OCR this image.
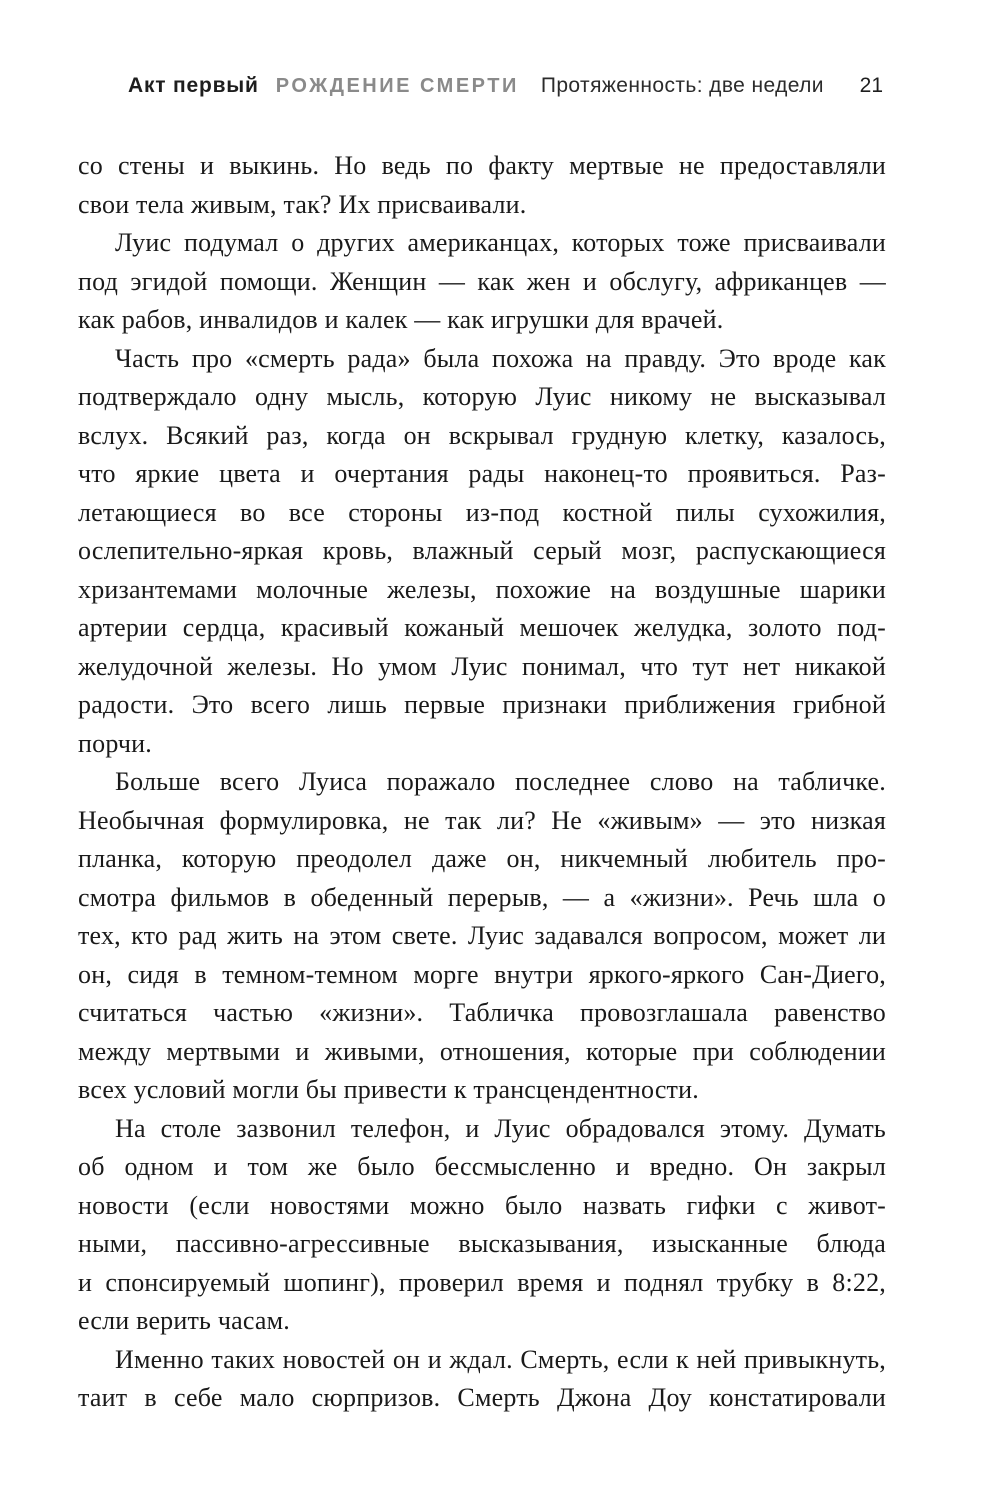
Акт первый РОЖДЕНИЕ СМЕРТИ Протяженность: две недели 21
со стены и выкинь. Но ведь по факту мертвые не предоставляли
свои тела живым, так? Их присваивали.
Луис подумал о других американцах, которых тоже присваивали
под эгидой помощи. Женщин — как жен и обслугу, африканцев —
как рабов, инвалидов и калек — как игрушки для врачей.
Часть про «смерть рада» была похожа на правду. Это вроде как
подтверждало одну мысль, которую Луис никому не высказывал
вслух. Всякий раз, когда он вскрывал грудную клетку, казалось,
что яркие цвета и очертания рады наконец-то проявиться. Раз-
летающиеся во все стороны из-под костной пилы сухожилия,
ослепительно-яркая кровь, влажный серый мозг, распускающиеся
хризантемами молочные железы, похожие на воздушные шарики
артерии сердца, красивый кожаный мешочек желудка, золото под-
желудочной железы. Но умом Луис понимал, что тут нет никакой
радости. Это всего лишь первые признаки приближения грибной
порчи.
Больше всего Луиса поражало последнее слово на табличке.
Необычная формулировка, не так ли? Не «живым» — это низкая
планка, которую преодолел даже он, никчемный любитель про-
смотра фильмов в обеденный перерыв, — а «жизни». Речь шла о
тех, кто рад жить на этом свете. Луис задавался вопросом, может ли
он, сидя в темном-темном морге внутри яркого-яркого Сан-Диего,
считаться частью «жизни». Табличка провозглашала равенство
между мертвыми и живыми, отношения, которые при соблюдении
всех условий могли бы привести к трансцендентности.
На столе зазвонил телефон, и Луис обрадовался этому. Думать
об одном и том же было бессмысленно и вредно. Он закрыл
новости (если новостями можно было назвать гифки с живот-
ными, пассивно-агрессивные высказывания, изысканные блюда
и спонсируемый шопинг), проверил время и поднял трубку в 8:22,
если верить часам.
Именно таких новостей он и ждал. Смерть, если к ней привыкнуть,
таит в себе мало сюрпризов. Смерть Джона Доу констатировали
